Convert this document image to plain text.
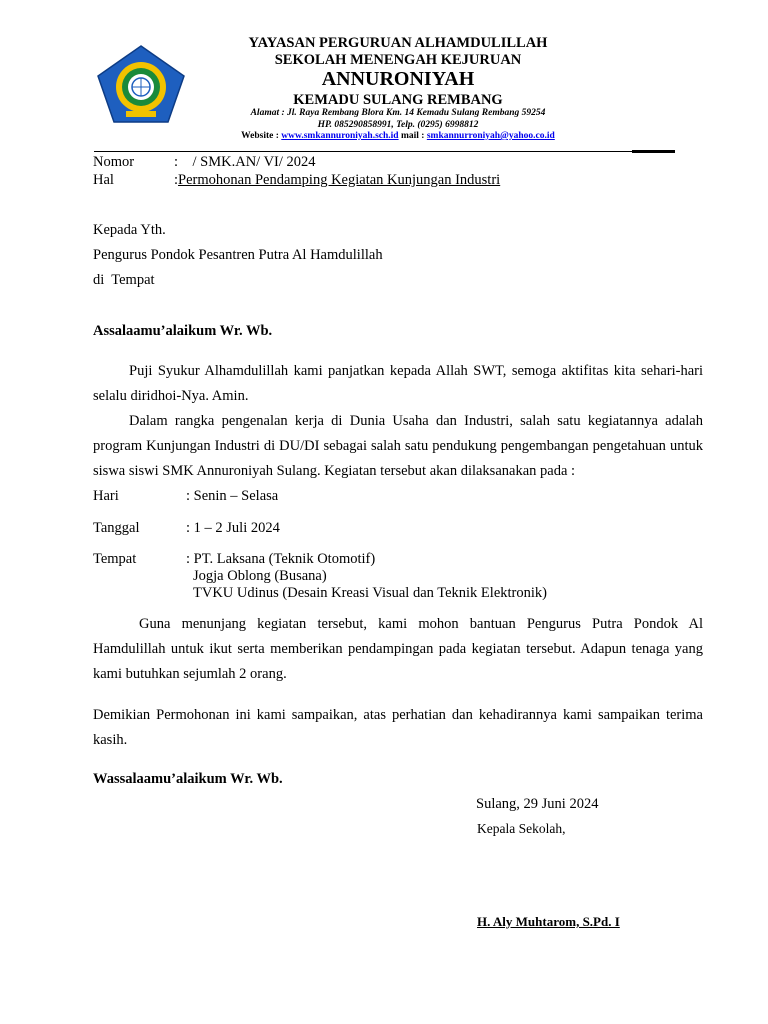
YAYASAN PERGURUAN ALHAMDULILLAH
SEKOLAH MENENGAH KEJURUAN
ANNURONIYAH
KEMADU SULANG REMBANG
Alamat : Jl. Raya Rembang Blora Km. 14 Kemadu Sulang Rembang 59254
HP. 085290858991, Telp. (0295) 6998812
Website : www.smkannuroniyah.sch.id mail : smkannurroniyah@yahoo.co.id
Nomor	:    / SMK.AN/ VI/ 2024
Hal	:Permohonan Pendamping Kegiatan Kunjungan Industri
Kepada Yth.
Pengurus Pondok Pesantren Putra Al Hamdulillah
di  Tempat
Assalaamu’alaikum Wr. Wb.
Puji Syukur Alhamdulillah kami panjatkan kepada Allah SWT, semoga aktifitas kita sehari-hari selalu diridhoi-Nya. Amin.
Dalam rangka pengenalan kerja di Dunia Usaha dan Industri, salah satu kegiatannya adalah program Kunjungan Industri di DU/DI sebagai salah satu pendukung pengembangan pengetahuan untuk siswa siswi SMK Annuroniyah Sulang. Kegiatan tersebut akan dilaksanakan pada :
Hari	: Senin – Selasa
Tanggal	: 1 – 2 Juli 2024
Tempat	: PT. Laksana (Teknik Otomotif)
Jogja Oblong (Busana)
TVKU Udinus (Desain Kreasi Visual dan Teknik Elektronik)
Guna menunjang kegiatan tersebut, kami mohon bantuan Pengurus Putra Pondok Al Hamdulillah untuk ikut serta memberikan pendampingan pada kegiatan tersebut. Adapun tenaga yang kami butuhkan sejumlah 2 orang.
Demikian Permohonan ini kami sampaikan, atas perhatian dan kehadirannya kami sampaikan terima kasih.
Wassalaamu’alaikum Wr. Wb.
Sulang, 29 Juni 2024
Kepala Sekolah,
H. Aly Muhtarom, S.Pd. I
